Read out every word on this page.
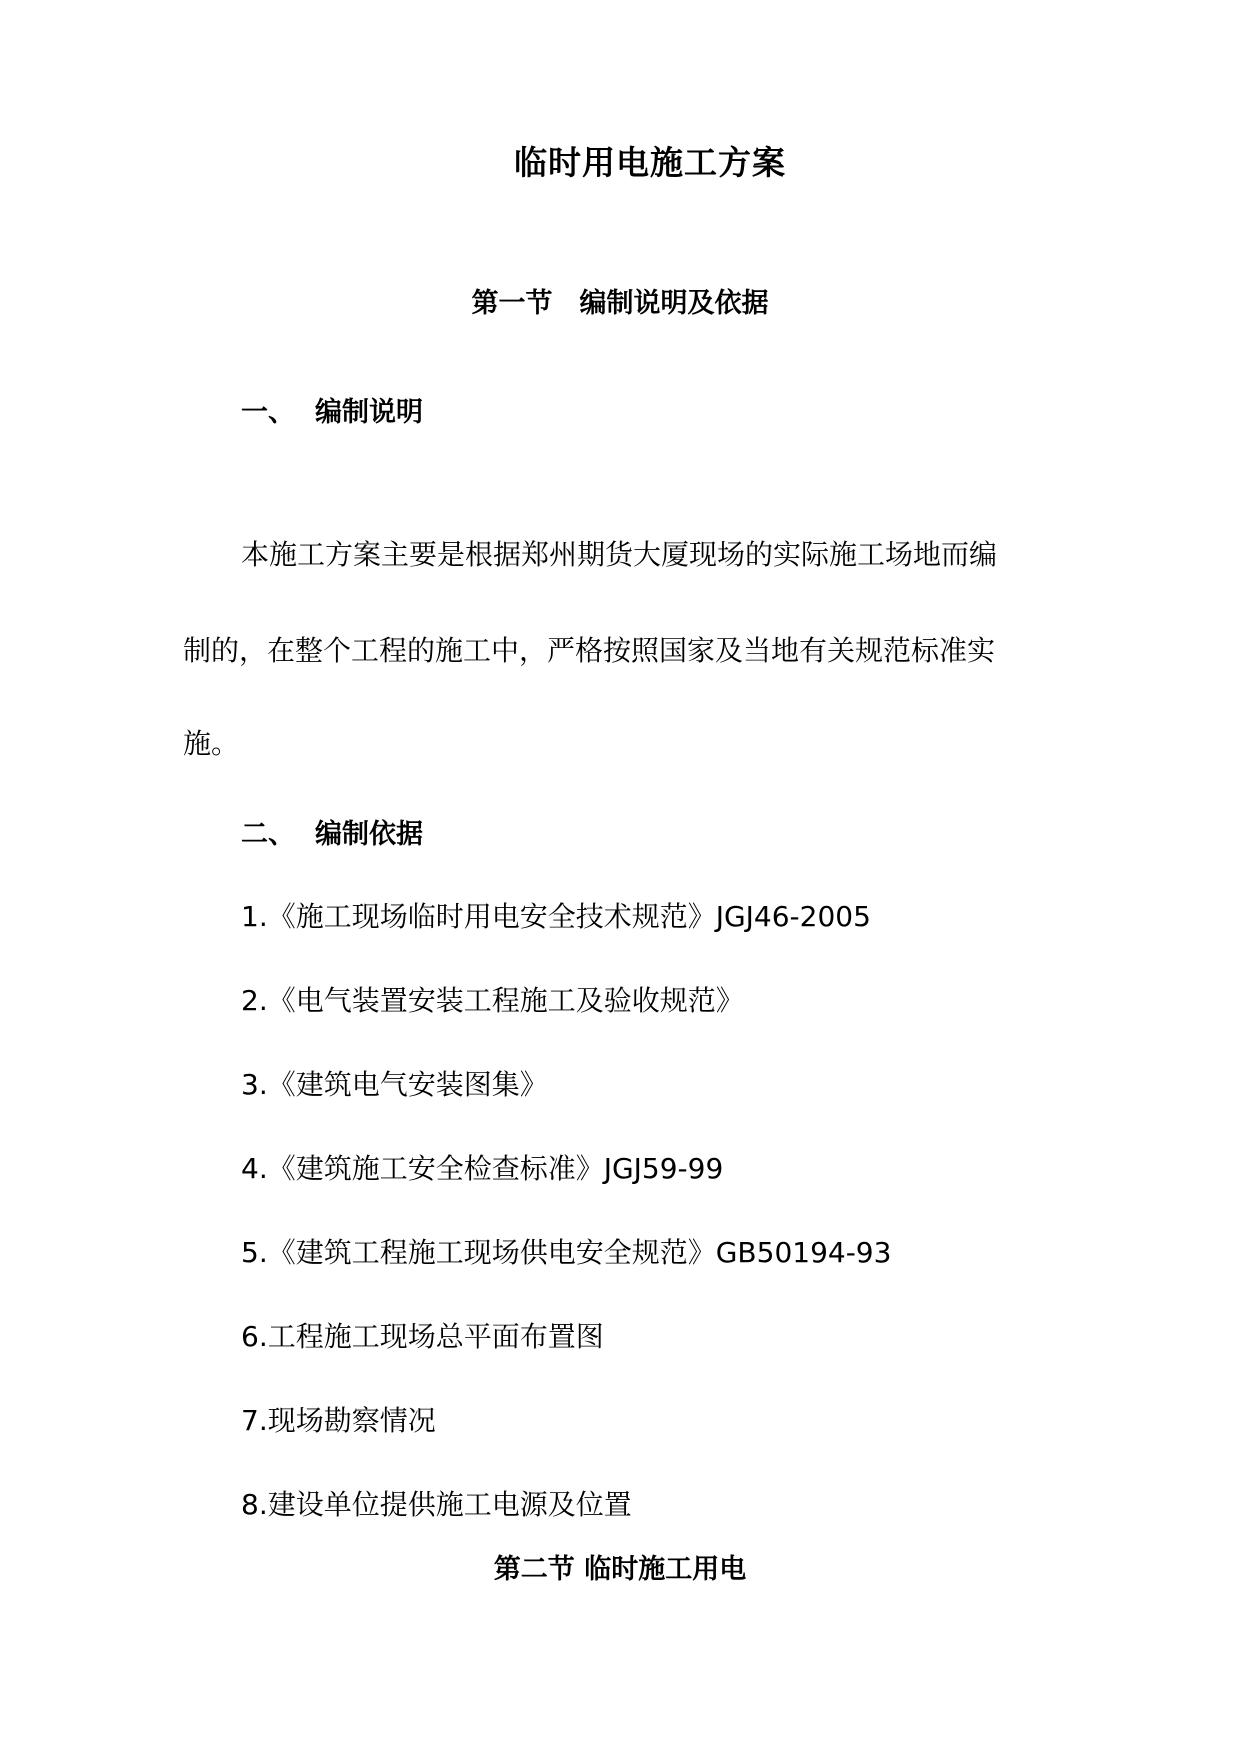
临时用电施工方案
第一节　编制说明及依据
一、 编制说明
本施工方案主要是根据郑州期货大厦现场的实际施工场地而编
制的，在整个工程的施工中，严格按照国家及当地有关规范标准实
施。
二、 编制依据
1.《施工现场临时用电安全技术规范》JGJ46-2005
2.《电气装置安装工程施工及验收规范》
3.《建筑电气安装图集》
4.《建筑施工安全检查标准》JGJ59-99
5.《建筑工程施工现场供电安全规范》GB50194-93
6.工程施工现场总平面布置图
7.现场勘察情况
8.建设单位提供施工电源及位置
第二节 临时施工用电
